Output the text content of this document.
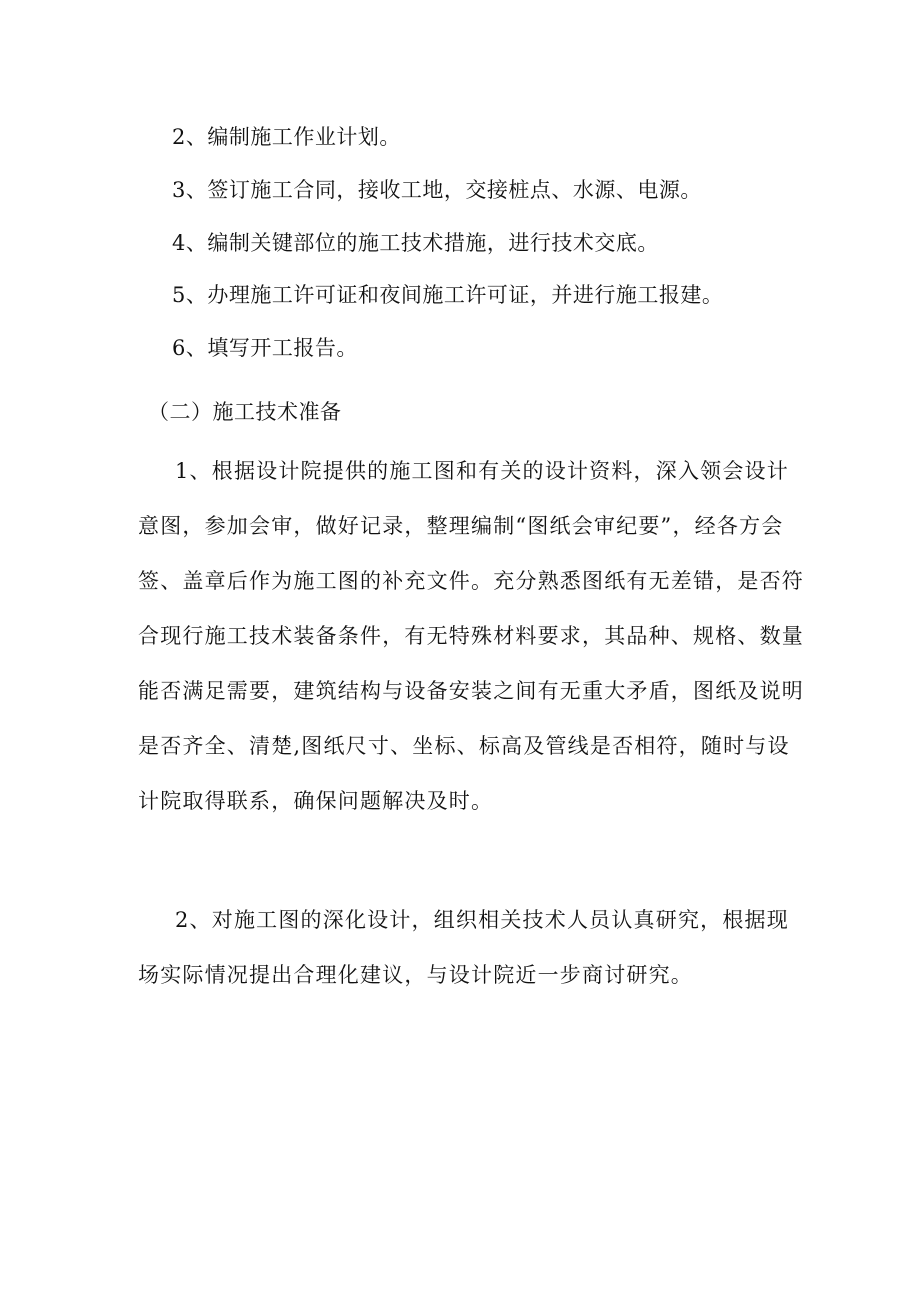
2、编制施工作业计划。
3、签订施工合同，接收工地，交接桩点、水源、电源。
4、编制关键部位的施工技术措施，进行技术交底。
5、办理施工许可证和夜间施工许可证，并进行施工报建。
6、填写开工报告。
（二）施工技术准备
1、根据设计院提供的施工图和有关的设计资料，深入领会设计
意图，参加会审，做好记录，整理编制“图纸会审纪要”，经各方会
签、盖章后作为施工图的补充文件。充分熟悉图纸有无差错，是否符
合现行施工技术装备条件，有无特殊材料要求，其品种、规格、数量
能否满足需要，建筑结构与设备安装之间有无重大矛盾，图纸及说明
是否齐全、清楚,图纸尺寸、坐标、标高及管线是否相符，随时与设
计院取得联系，确保问题解决及时。
2、对施工图的深化设计，组织相关技术人员认真研究，根据现
场实际情况提出合理化建议，与设计院近一步商讨研究。
